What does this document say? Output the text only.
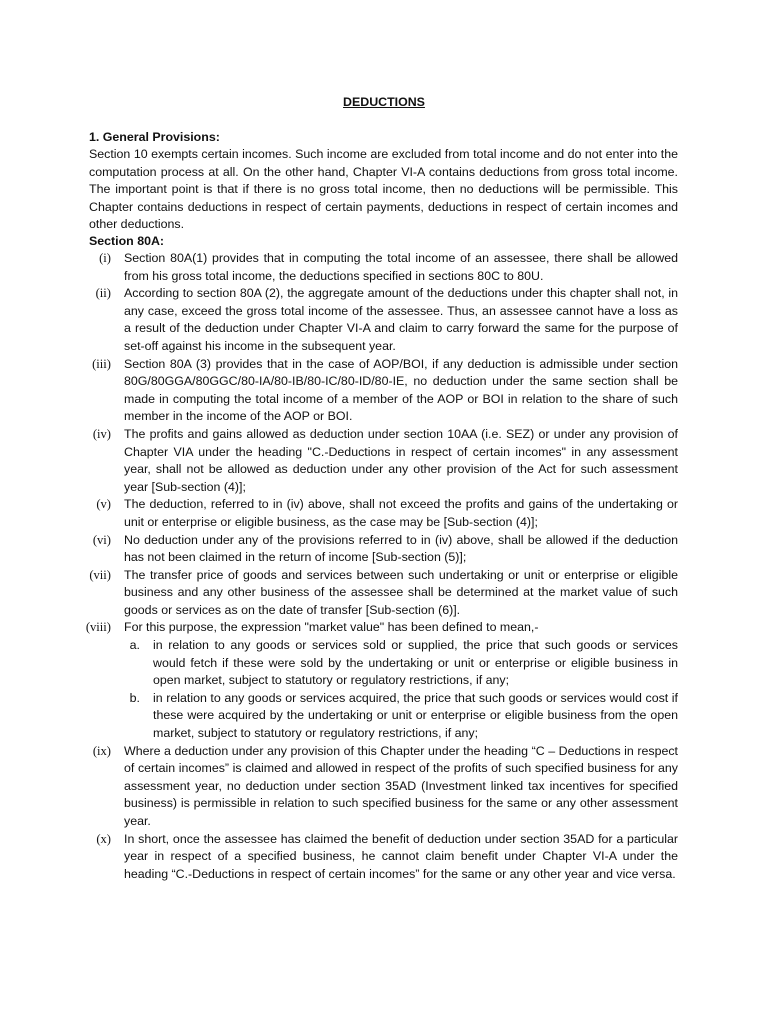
DEDUCTIONS
1. General Provisions:

Section 10 exempts certain incomes. Such income are excluded from total income and do not enter into the computation process at all. On the other hand, Chapter VI-A contains deductions from gross total income. The important point is that if there is no gross total income, then no deductions will be permissible. This Chapter contains deductions in respect of certain payments, deductions in respect of certain incomes and other deductions.

Section 80A:
(i) Section 80A(1) provides that in computing the total income of an assessee, there shall be allowed from his gross total income, the deductions specified in sections 80C to 80U.
(ii) According to section 80A (2), the aggregate amount of the deductions under this chapter shall not, in any case, exceed the gross total income of the assessee. Thus, an assessee cannot have a loss as a result of the deduction under Chapter VI-A and claim to carry forward the same for the purpose of set-off against his income in the subsequent year.
(iii) Section 80A (3) provides that in the case of AOP/BOI, if any deduction is admissible under section 80G/80GGA/80GGC/80-IA/80-IB/80-IC/80-ID/80-IE, no deduction under the same section shall be made in computing the total income of a member of the AOP or BOI in relation to the share of such member in the income of the AOP or BOI.
(iv) The profits and gains allowed as deduction under section 10AA (i.e. SEZ) or under any provision of Chapter VIA under the heading "C.-Deductions in respect of certain incomes" in any assessment year, shall not be allowed as deduction under any other provision of the Act for such assessment year [Sub-section (4)];
(v) The deduction, referred to in (iv) above, shall not exceed the profits and gains of the undertaking or unit or enterprise or eligible business, as the case may be [Sub-section (4)];
(vi) No deduction under any of the provisions referred to in (iv) above, shall be allowed if the deduction has not been claimed in the return of income [Sub-section (5)];
(vii) The transfer price of goods and services between such undertaking or unit or enterprise or eligible business and any other business of the assessee shall be determined at the market value of such goods or services as on the date of transfer [Sub-section (6)].
(viii) For this purpose, the expression "market value" has been defined to mean,-
a. in relation to any goods or services sold or supplied, the price that such goods or services would fetch if these were sold by the undertaking or unit or enterprise or eligible business in open market, subject to statutory or regulatory restrictions, if any;
b. in relation to any goods or services acquired, the price that such goods or services would cost if these were acquired by the undertaking or unit or enterprise or eligible business from the open market, subject to statutory or regulatory restrictions, if any;
(ix) Where a deduction under any provision of this Chapter under the heading “C – Deductions in respect of certain incomes” is claimed and allowed in respect of the profits of such specified business for any assessment year, no deduction under section 35AD (Investment linked tax incentives for specified business) is permissible in relation to such specified business for the same or any other assessment year.
(x) In short, once the assessee has claimed the benefit of deduction under section 35AD for a particular year in respect of a specified business, he cannot claim benefit under Chapter VI-A under the heading “C.-Deductions in respect of certain incomes” for the same or any other year and vice versa.
